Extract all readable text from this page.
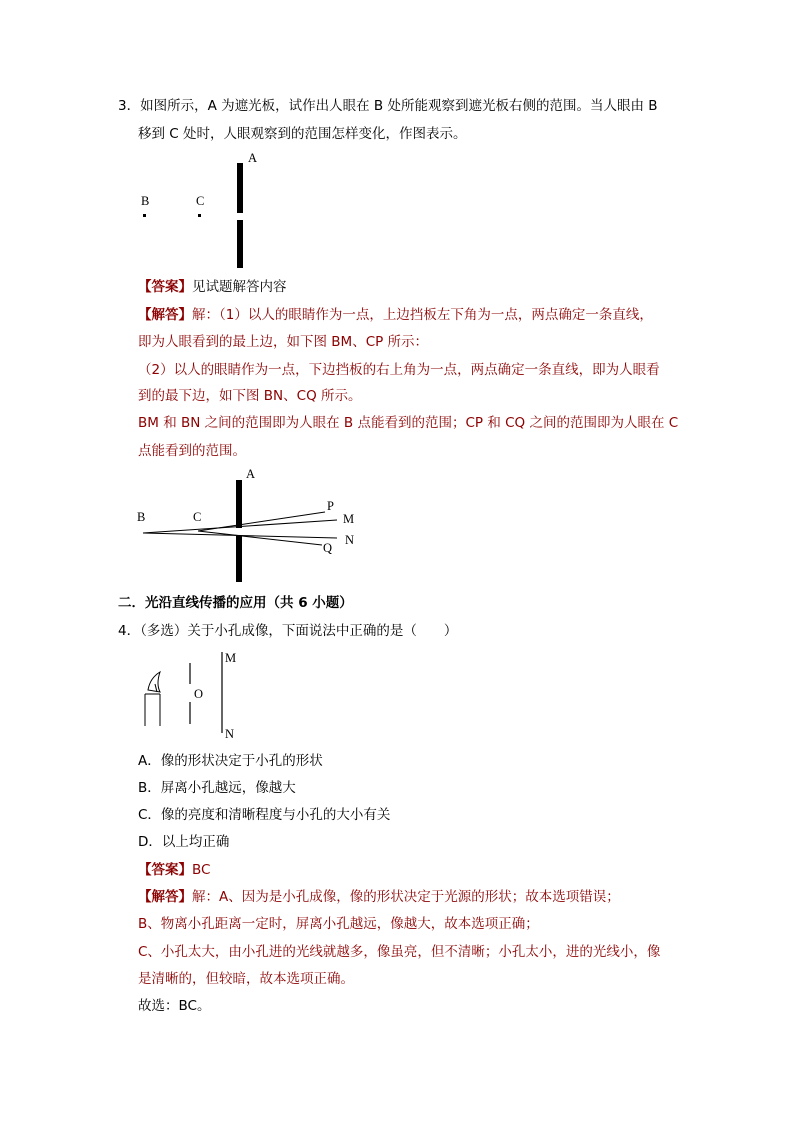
3．如图所示，A 为遮光板，试作出人眼在 B 处所能观察到遮光板右侧的范围。当人眼由 B
移到 C 处时，人眼观察到的范围怎样变化，作图表示。
A
B	C
【答案】见试题解答内容
【解答】解：（1）以人的眼睛作为一点，上边挡板左下角为一点，两点确定一条直线，
即为人眼看到的最上边，如下图 BM、CP 所示：
（2）以人的眼睛作为一点，下边挡板的右上角为一点，两点确定一条直线，即为人眼看
到的最下边，如下图 BN、CQ 所示。
BM 和 BN 之间的范围即为人眼在 B 点能看到的范围；CP 和 CQ 之间的范围即为人眼在 C
点能看到的范围。
A
B	C
P
M
Q
N
二．光沿直线传播的应用（共 6 小题）
4．（多选）关于小孔成像，下面说法中正确的是（　　）
O
M
N
A．像的形状决定于小孔的形状
B．屏离小孔越远，像越大
C．像的亮度和清晰程度与小孔的大小有关
D．以上均正确
【答案】BC
【解答】解：A、因为是小孔成像，像的形状决定于光源的形状；故本选项错误；
B、物离小孔距离一定时，屏离小孔越远，像越大，故本选项正确；
C、小孔太大，由小孔进的光线就越多，像虽亮，但不清晰；小孔太小，进的光线小，像
是清晰的，但较暗，故本选项正确。
故选：BC。
